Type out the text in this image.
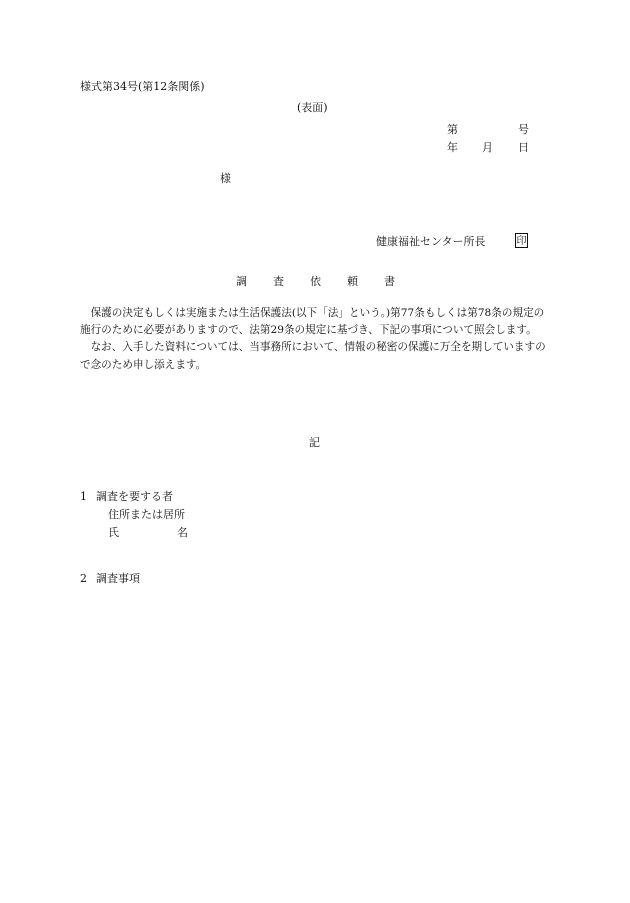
様式第34号(第12条関係)
(表面)
第	号
年 月 日
様
健康福祉センター所長	印
調 査 依 頼 書

保護の決定もしくは実施または生活保護法(以下「法」という。)第77条もしくは第78条の規定の施行のために必要がありますので、法第29条の規定に基づき、下記の事項について照会します。

なお、入手した資料については、当事務所において、情報の秘密の保護に万全を期していますので念のため申し添えます。

記
1 調査を要する者
住所または居所
氏	名
2 調査事項
